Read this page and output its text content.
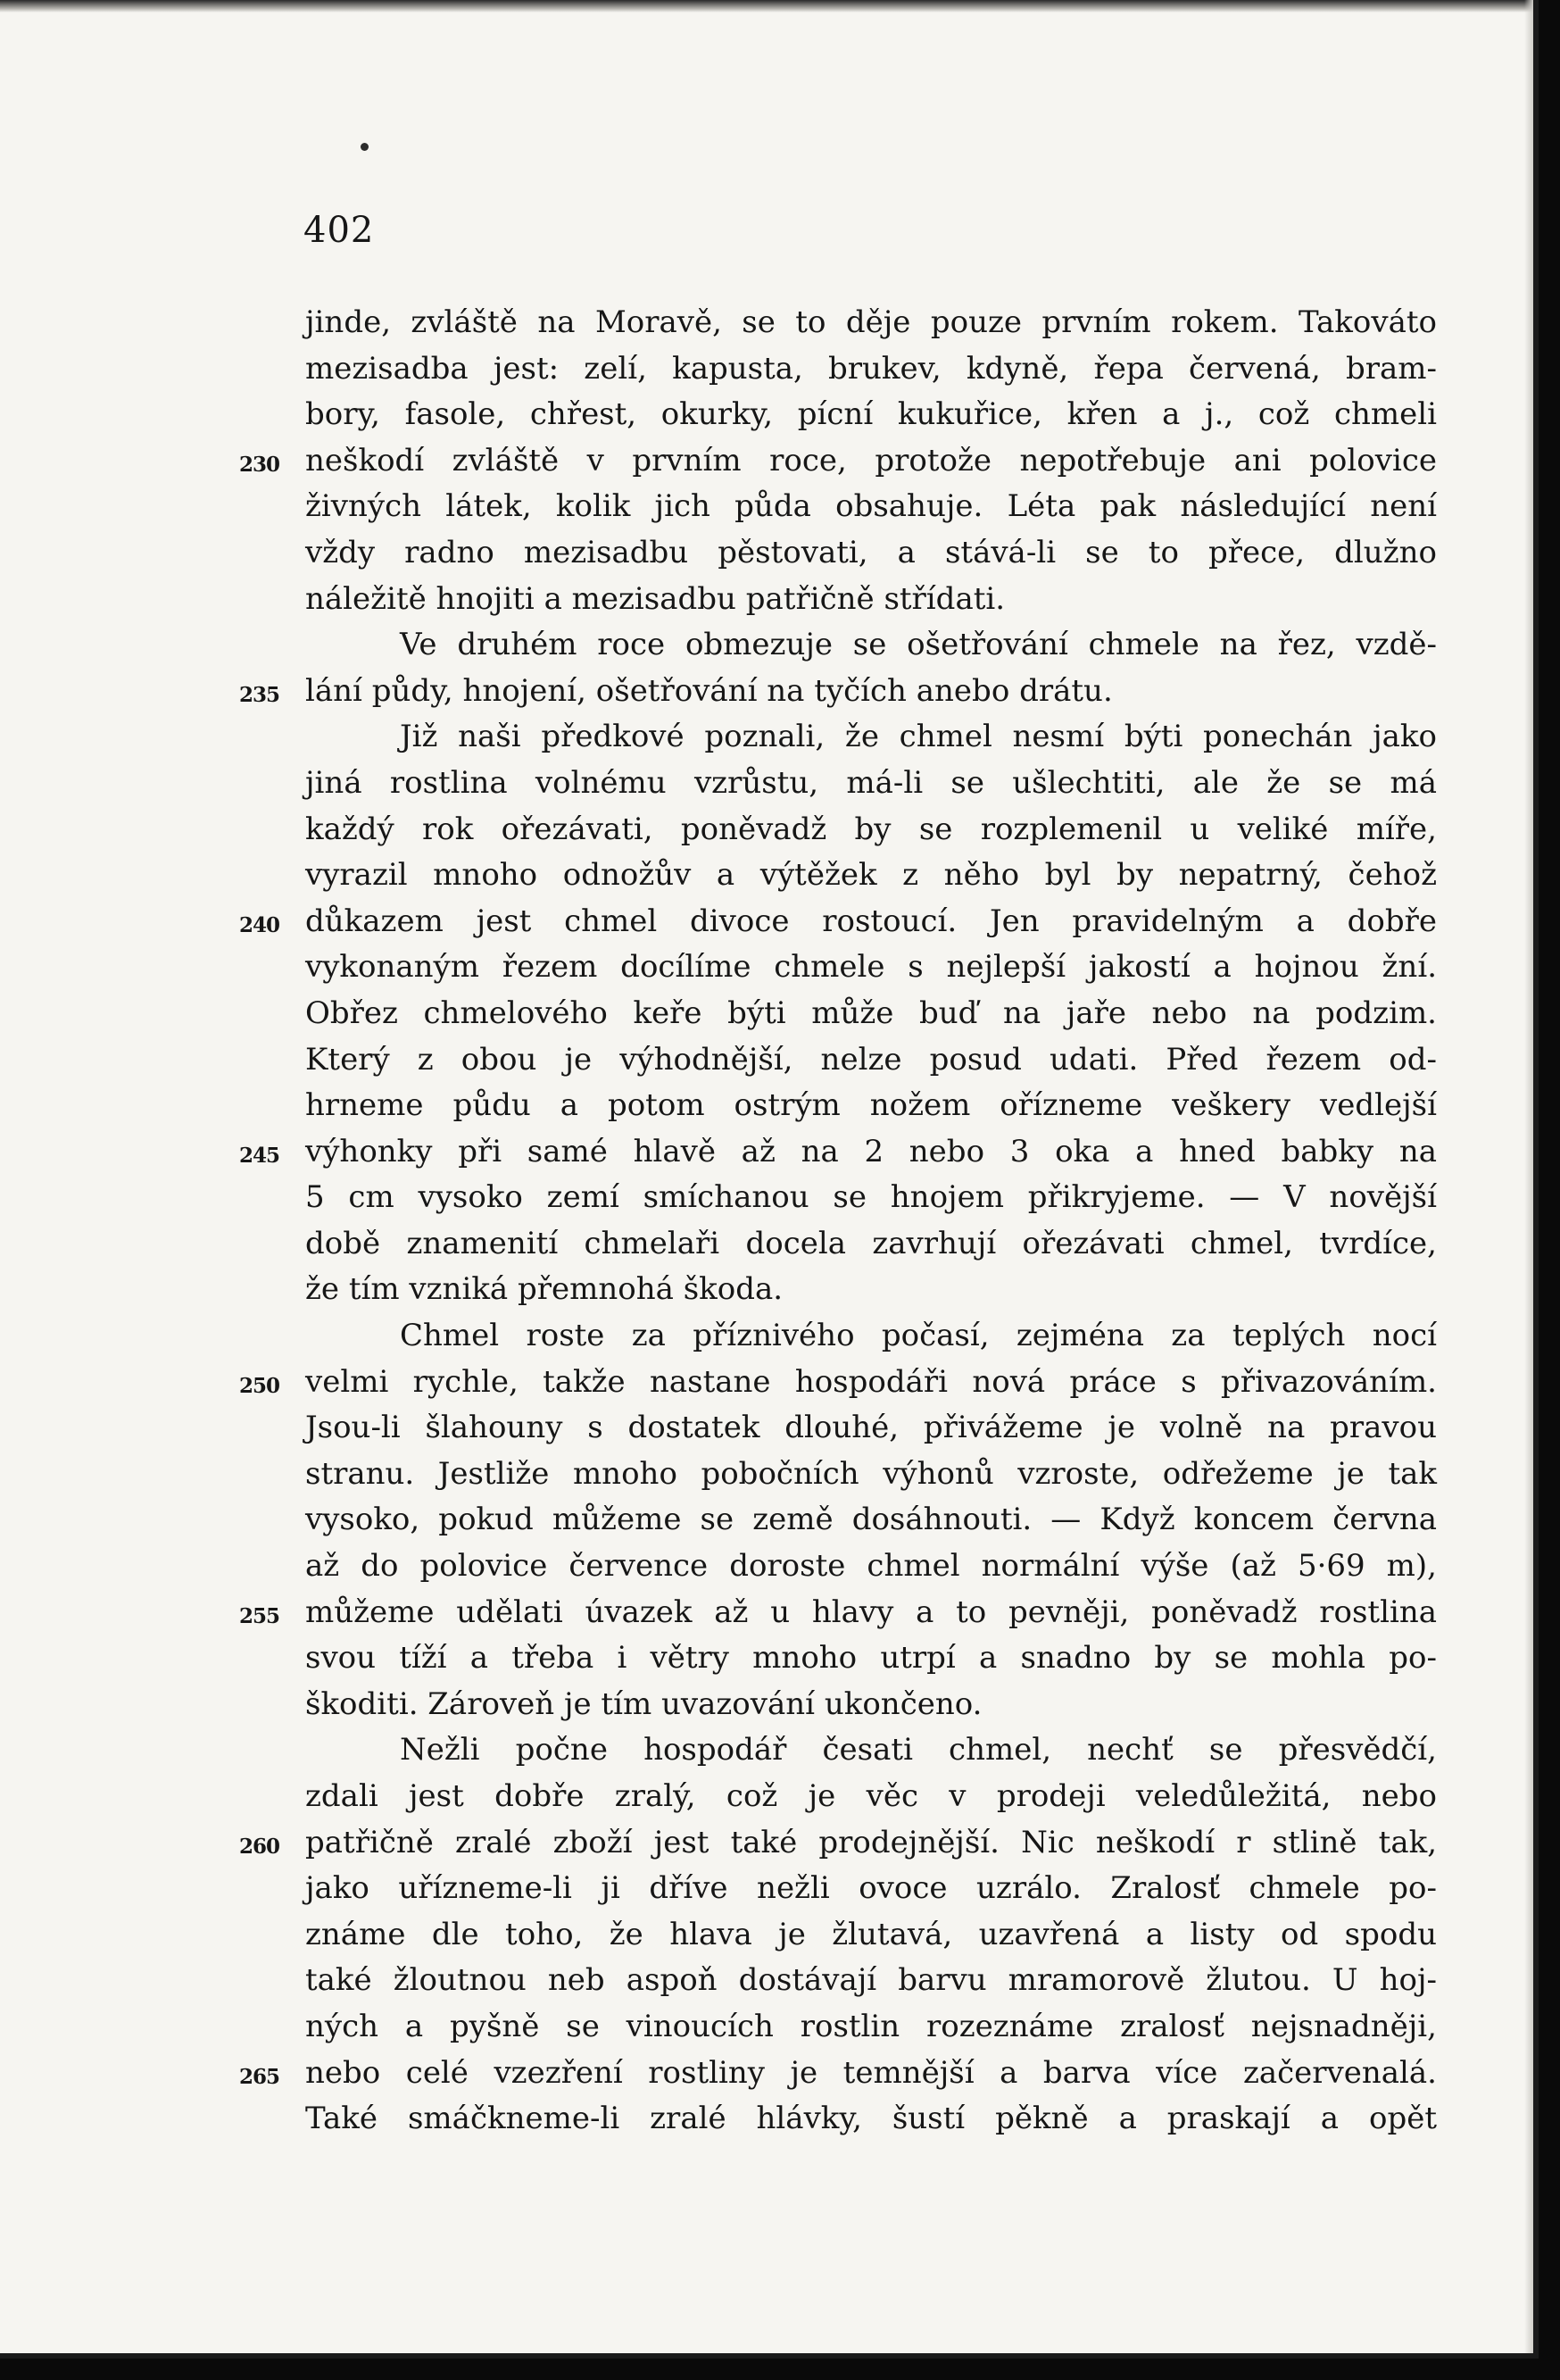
402
jinde, zvláště na Moravě, se to děje pouze prvním rokem. Takováto
mezisadba jest: zelí, kapusta, brukev, kdyně, řepa červená, bram-
bory, fasole, chřest, okurky, pícní kukuřice, křen a j., což chmeli
230 neškodí zvláště v prvním roce, protože nepotřebuje ani polovice
živných látek, kolik jich půda obsahuje. Léta pak následující není
vždy radno mezisadbu pěstovati, a stává-li se to přece, dlužno
náležitě hnojiti a mezisadbu patřičně střídati.
Ve druhém roce obmezuje se ošetřování chmele na řez, vzdě-
235 lání půdy, hnojení, ošetřování na tyčích anebo drátu.
Již naši předkové poznali, že chmel nesmí býti ponechán jako
jiná rostlina volnému vzrůstu, má-li se ušlechtiti, ale že se má
každý rok ořezávati, poněvadž by se rozplemenil u veliké míře,
vyrazil mnoho odnožův a výtěžek z něho byl by nepatrný, čehož
240 důkazem jest chmel divoce rostoucí. Jen pravidelným a dobře
vykonaným řezem docílíme chmele s nejlepší jakostí a hojnou žní.
Obřez chmelového keře býti může buď na jaře nebo na podzim.
Který z obou je výhodnější, nelze posud udati. Před řezem od-
hrneme půdu a potom ostrým nožem ořízneme veškery vedlejší
245 výhonky při samé hlavě až na 2 nebo 3 oka a hned babky na
5 cm vysoko zemí smíchanou se hnojem přikryjeme. — V novější
době znamenití chmelaři docela zavrhují ořezávati chmel, tvrdíce,
že tím vzniká přemnohá škoda.
Chmel roste za příznivého počasí, zejména za teplých nocí
250 velmi rychle, takže nastane hospodáři nová práce s přivazováním.
Jsou-li šlahouny s dostatek dlouhé, přivážeme je volně na pravou
stranu. Jestliže mnoho pobočních výhonů vzroste, odřežeme je tak
vysoko, pokud můžeme se země dosáhnouti. — Když koncem června
až do polovice července doroste chmel normální výše (až 5·69 m),
255 můžeme udělati úvazek až u hlavy a to pevněji, poněvadž rostlina
svou tíží a třeba i větry mnoho utrpí a snadno by se mohla po-
škoditi. Zároveň je tím uvazování ukončeno.
Nežli počne hospodář česati chmel, nechť se přesvědčí,
zdali jest dobře zralý, což je věc v prodeji veledůležitá, nebo
260 patřičně zralé zboží jest také prodejnější. Nic neškodí r stlině tak,
jako uřízneme-li ji dříve nežli ovoce uzrálo. Zralosť chmele po-
známe dle toho, že hlava je žlutavá, uzavřená a listy od spodu
také žloutnou neb aspoň dostávají barvu mramorově žlutou. U hoj-
ných a pyšně se vinoucích rostlin rozeznáme zralosť nejsnadněji,
265 nebo celé vzezření rostliny je temnější a barva více začervenalá.
Také smáčkneme-li zralé hlávky, šustí pěkně a praskají a opět
